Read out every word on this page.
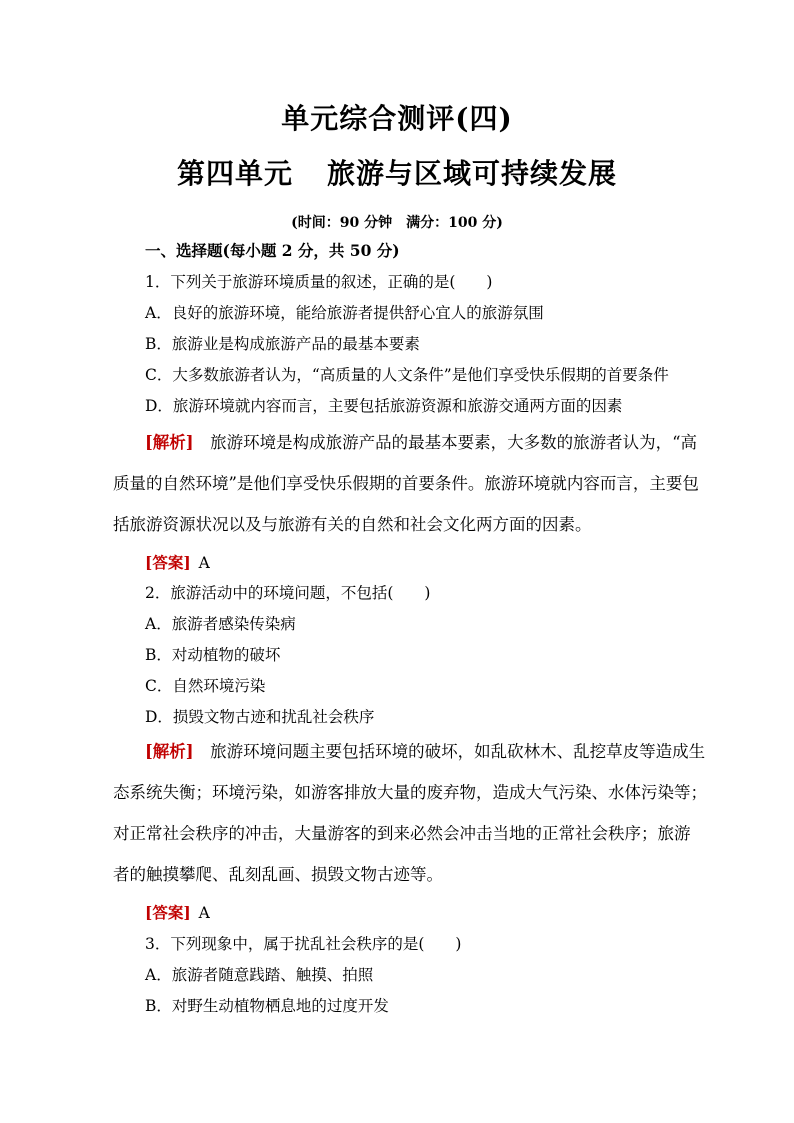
单元综合测评(四)
第四单元 旅游与区域可持续发展
(时间：90 分钟　满分：100 分)
一、选择题(每小题 2 分，共 50 分)
1．下列关于旅游环境质量的叙述，正确的是(　　)
A．良好的旅游环境，能给旅游者提供舒心宜人的旅游氛围
B．旅游业是构成旅游产品的最基本要素
C．大多数旅游者认为，“高质量的人文条件”是他们享受快乐假期的首要条件
D．旅游环境就内容而言，主要包括旅游资源和旅游交通两方面的因素
[解析]　 旅游环境是构成旅游产品的最基本要素，大多数的旅游者认为，“高
质量的自然环境”是他们享受快乐假期的首要条件。旅游环境就内容而言，主要包
括旅游资源状况以及与旅游有关的自然和社会文化两方面的因素。
[答案] A
2．旅游活动中的环境问题，不包括(　　)
A．旅游者感染传染病
B．对动植物的破坏
C．自然环境污染
D．损毁文物古迹和扰乱社会秩序
[解析]　 旅游环境问题主要包括环境的破坏，如乱砍林木、乱挖草皮等造成生
态系统失衡；环境污染，如游客排放大量的废弃物，造成大气污染、水体污染等；
对正常社会秩序的冲击，大量游客的到来必然会冲击当地的正常社会秩序；旅游
者的触摸攀爬、乱刻乱画、损毁文物古迹等。
[答案] A
3．下列现象中，属于扰乱社会秩序的是(　　)
A．旅游者随意践踏、触摸、拍照
B．对野生动植物栖息地的过度开发
